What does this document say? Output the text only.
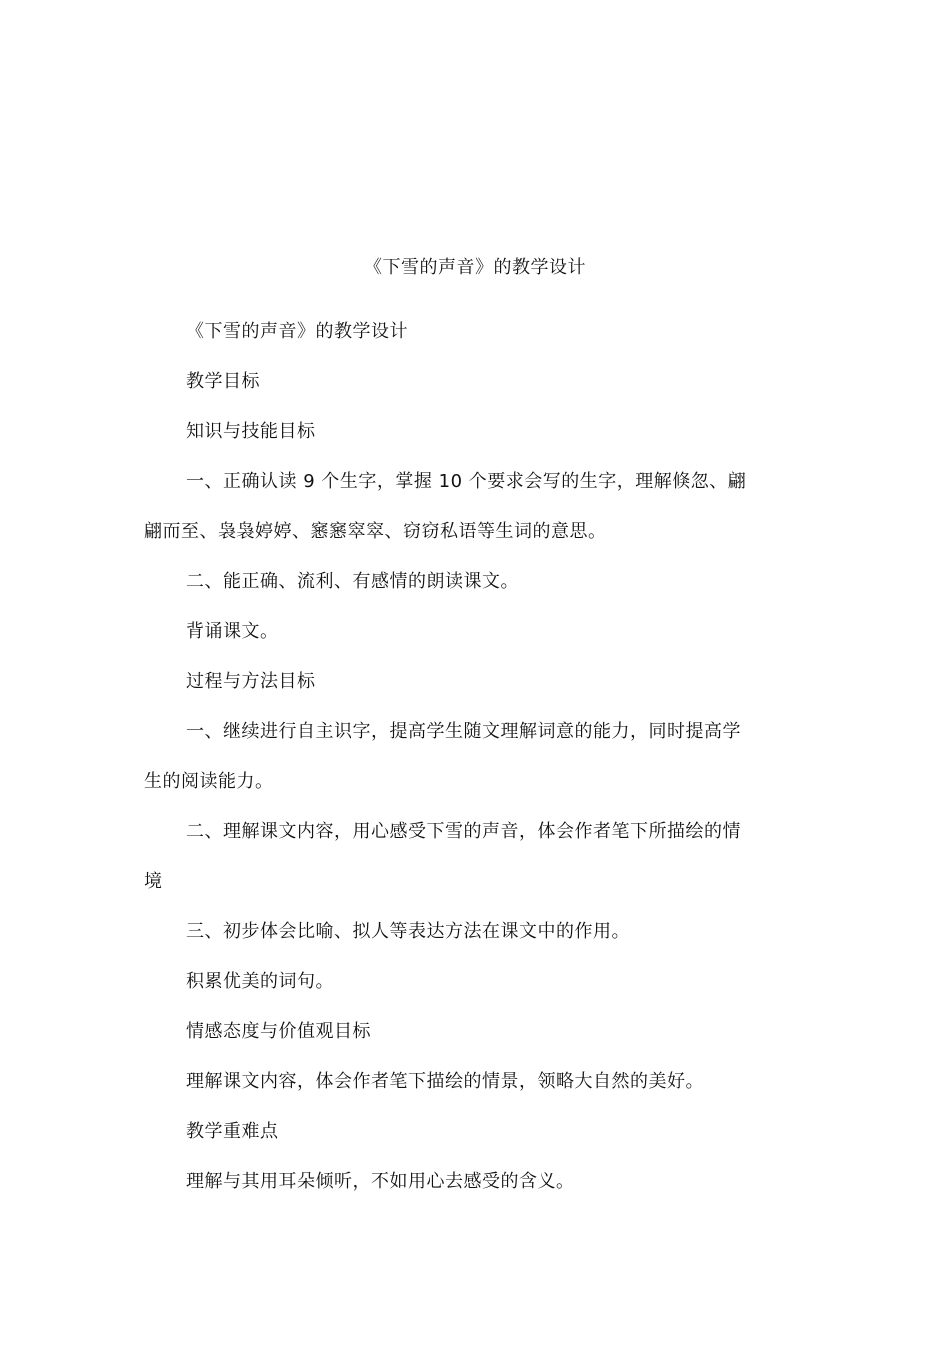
《下雪的声音》的教学设计
《下雪的声音》的教学设计
教学目标
知识与技能目标
一、正确认读 9 个生字，掌握 10 个要求会写的生字，理解倏忽、翩
翩而至、袅袅婷婷、窸窸窣窣、窃窃私语等生词的意思。
二、能正确、流利、有感情的朗读课文。
背诵课文。
过程与方法目标
一、继续进行自主识字，提高学生随文理解词意的能力，同时提高学
生的阅读能力。
二、理解课文内容，用心感受下雪的声音，体会作者笔下所描绘的情
境
三、初步体会比喻、拟人等表达方法在课文中的作用。
积累优美的词句。
情感态度与价值观目标
理解课文内容，体会作者笔下描绘的情景，领略大自然的美好。
教学重难点
理解与其用耳朵倾听，不如用心去感受的含义。
